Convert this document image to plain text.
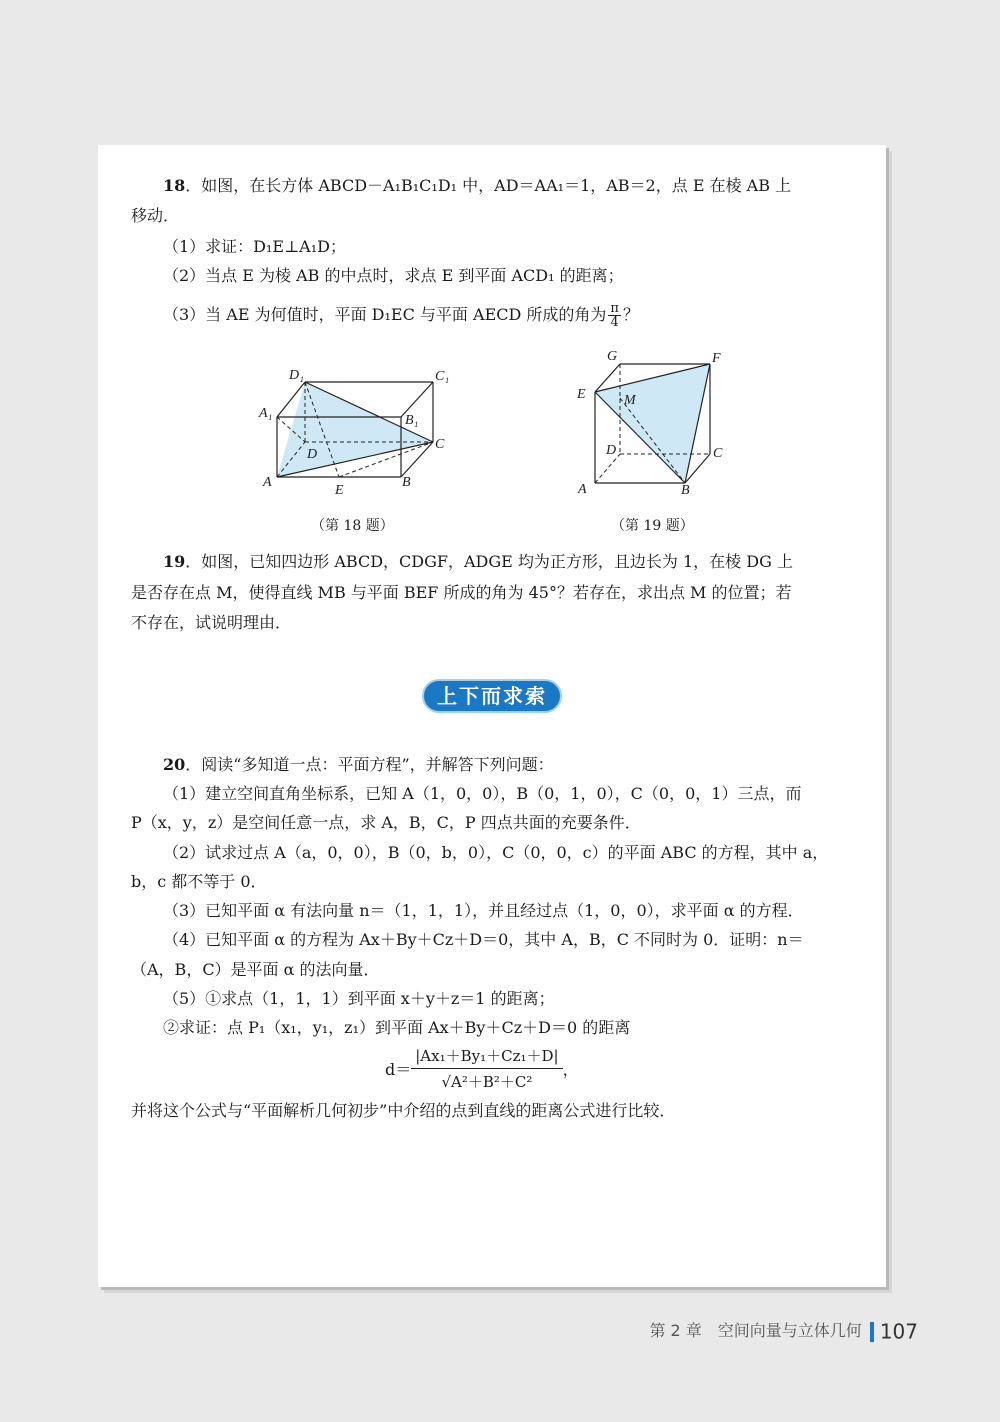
18．如图，在长方体 ABCD－A₁B₁C₁D₁ 中，AD＝AA₁＝1，AB＝2，点 E 在棱 AB 上
移动．
（1）求证：D₁E⊥A₁D；
（2）当点 E 为棱 AB 的中点时，求点 E 到平面 ACD₁ 的距离；
（3）当 AE 为何值时，平面 D₁EC 与平面 AECD 所成的角为 $\frac{\pi}{4}$ ？
D₁	C₁
A₁	B₁
D
C
A
E
B
（第 18 题）
G	F
E	M
D	C
A	B
（第 19 题）
19．如图，已知四边形 ABCD，CDGF，ADGE 均为正方形，且边长为 1，在棱 DG 上
是否存在点 M，使得直线 MB 与平面 BEF 所成的角为 45°？若存在，求出点 M 的位置；若
不存在，试说明理由．
上下而求索
20．阅读“多知道一点：平面方程”，并解答下列问题：
（1）建立空间直角坐标系，已知 A（1，0，0），B（0，1，0），C（0，0，1）三点，而
P（x，y，z）是空间任意一点，求 A，B，C，P 四点共面的充要条件．
（2）试求过点 A（a，0，0），B（0，b，0），C（0，0，c）的平面 ABC 的方程，其中 a，
b，c 都不等于 0．
（3）已知平面 α 有法向量 n＝（1，1，1），并且经过点（1，0，0），求平面 α 的方程．
（4）已知平面 α 的方程为 Ax＋By＋Cz＋D＝0，其中 A，B，C 不同时为 0．证明：n＝
（A，B，C）是平面 α 的法向量．
（5）①求点（1，1，1）到平面 x＋y＋z＝1 的距离；
②求证：点 P₁（x₁，y₁，z₁）到平面 Ax＋By＋Cz＋D＝0 的距离
$d= \frac{\text{|Ax₁＋By₁＋Cz₁＋D|}}{\text{√A²＋B²＋C²}}$ ，
并将这个公式与“平面解析几何初步”中介绍的点到直线的距离公式进行比较．
第 2 章　空间向量与立体几何 107
